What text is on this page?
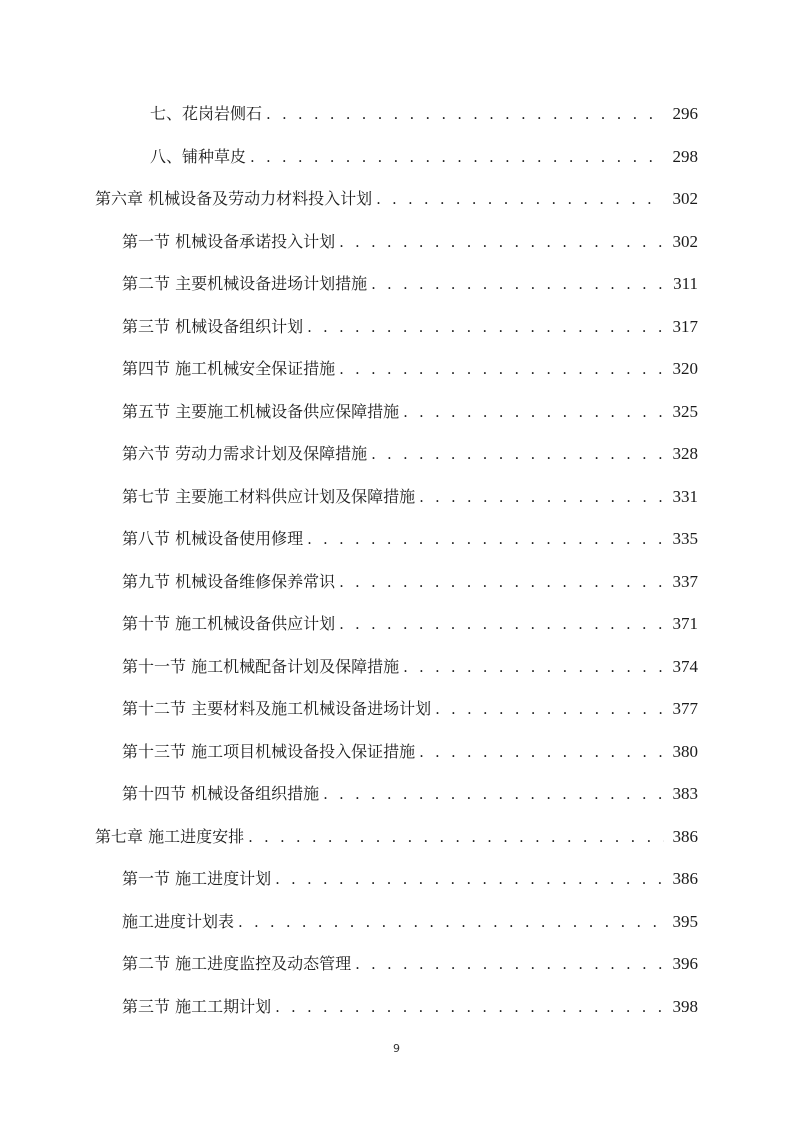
七、花岗岩侧石 . . .	296
八、铺种草皮 . . .	298
第六章 机械设备及劳动力材料投入计划 . . .	302
第一节 机械设备承诺投入计划 . . .	302
第二节 主要机械设备进场计划措施 . . .	311
第三节 机械设备组织计划 . . .	317
第四节 施工机械安全保证措施 . . .	320
第五节 主要施工机械设备供应保障措施 . . .	325
第六节 劳动力需求计划及保障措施 . . .	328
第七节 主要施工材料供应计划及保障措施 . . .	331
第八节 机械设备使用修理 . . .	335
第九节 机械设备维修保养常识 . . .	337
第十节 施工机械设备供应计划 . . .	371
第十一节 施工机械配备计划及保障措施 . . .	374
第十二节 主要材料及施工机械设备进场计划 . . .	377
第十三节 施工项目机械设备投入保证措施 . . .	380
第十四节 机械设备组织措施 . . .	383
第七章 施工进度安排 . . .	386
第一节 施工进度计划 . . .	386
施工进度计划表 . . .	395
第二节 施工进度监控及动态管理 . . .	396
第三节 施工工期计划 . . .	398
9
